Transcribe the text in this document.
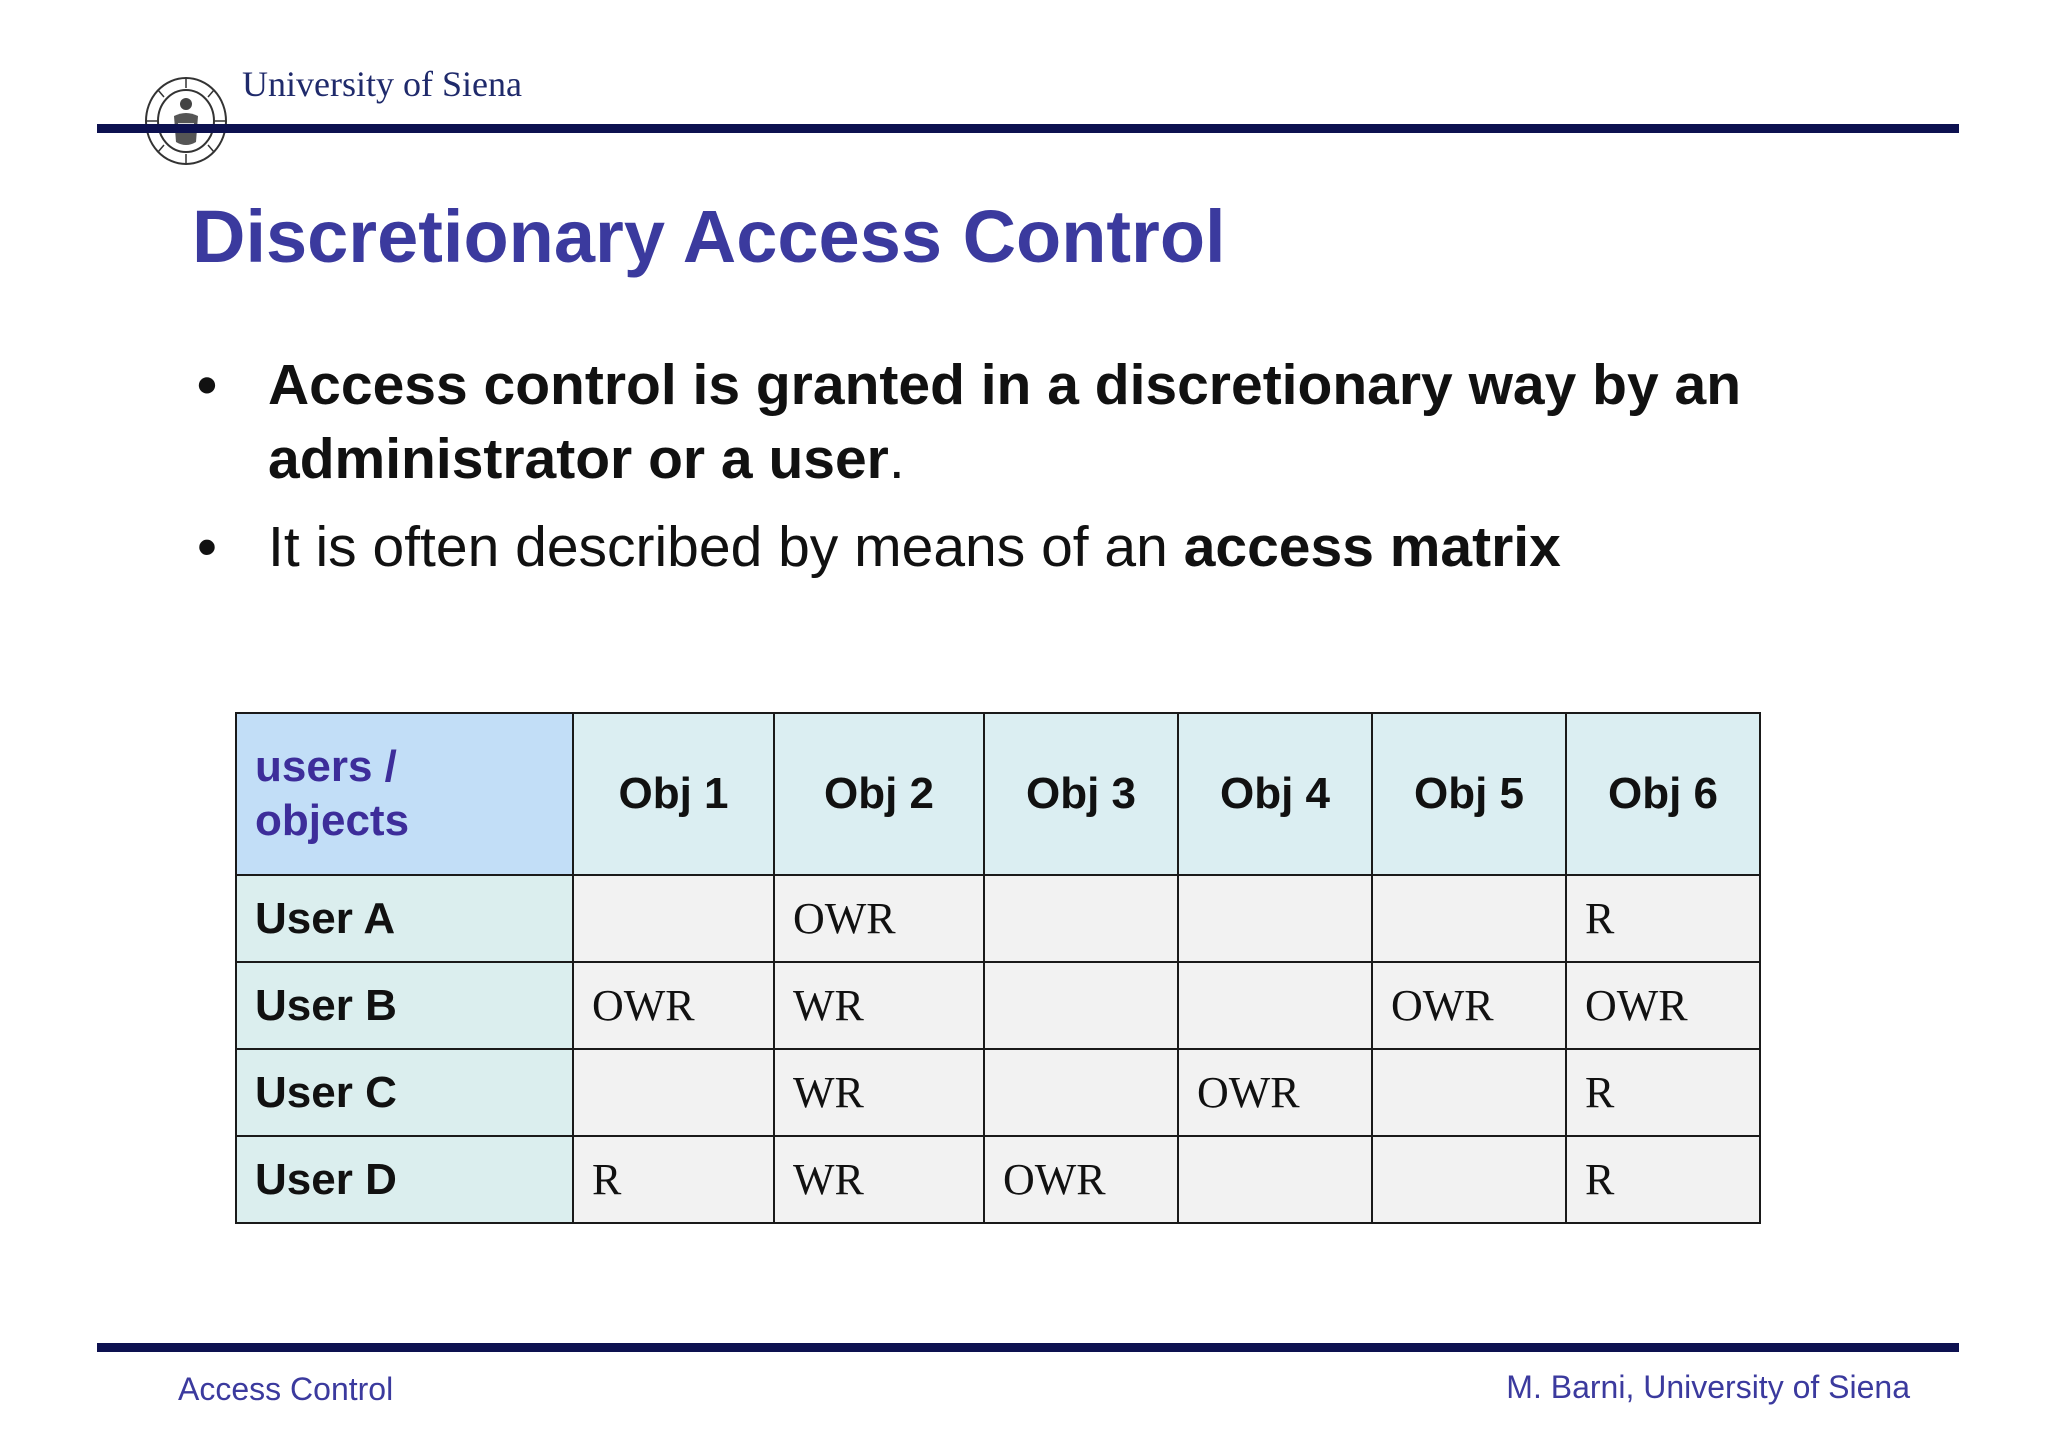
University of Siena
Discretionary Access Control
• Access control is granted in a discretionary way by an administrator or a user.
• It is often described by means of an access matrix
users /
objects	Obj 1	Obj 2	Obj 3	Obj 4	Obj 5	Obj 6
User A		OWR				R
User B	OWR	WR			OWR	OWR
User C		WR		OWR		R
User D	R	WR	OWR			R
Access Control	M. Barni, University of Siena
